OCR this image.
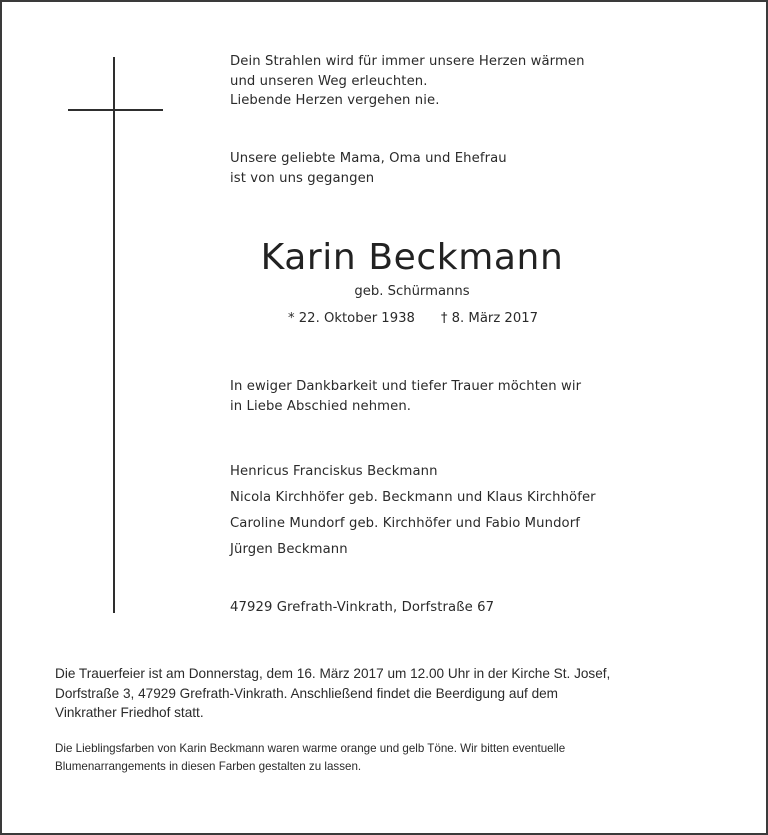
Dein Strahlen wird für immer unsere Herzen wärmen
und unseren Weg erleuchten.
Liebende Herzen vergehen nie.
Unsere geliebte Mama, Oma und Ehefrau
ist von uns gegangen
Karin Beckmann
geb. Schürmanns
* 22. Oktober 1938 † 8. März 2017
In ewiger Dankbarkeit und tiefer Trauer möchten wir
in Liebe Abschied nehmen.
Henricus Franciskus Beckmann
Nicola Kirchhöfer geb. Beckmann und Klaus Kirchhöfer
Caroline Mundorf geb. Kirchhöfer und Fabio Mundorf
Jürgen Beckmann
47929 Grefrath-Vinkrath, Dorfstraße 67
Die Trauerfeier ist am Donnerstag, dem 16. März 2017 um 12.00 Uhr in der Kirche St. Josef,
Dorfstraße 3, 47929 Grefrath-Vinkrath. Anschließend findet die Beerdigung auf dem
Vinkrather Friedhof statt.
Die Lieblingsfarben von Karin Beckmann waren warme orange und gelb Töne. Wir bitten eventuelle
Blumenarrangements in diesen Farben gestalten zu lassen.
